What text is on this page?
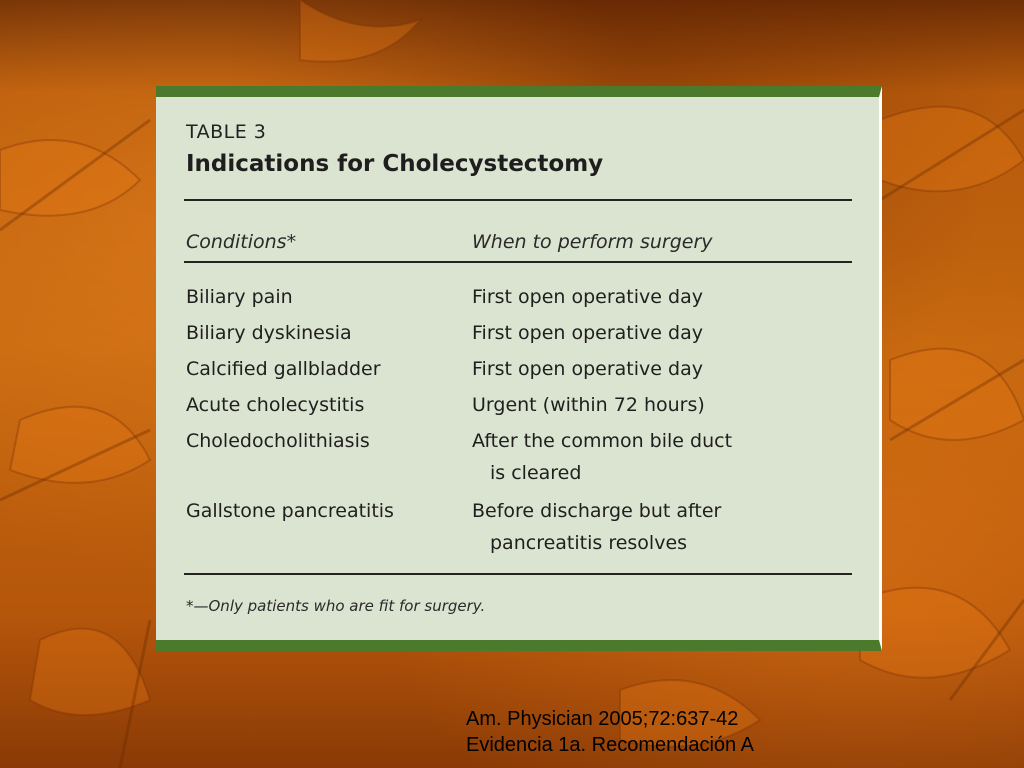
TABLE 3
Indications for Cholecystectomy
Conditions*	When to perform surgery
Biliary pain	First open operative day
Biliary dyskinesia	First open operative day
Calcified gallbladder	First open operative day
Acute cholecystitis	Urgent (within 72 hours)
Choledocholithiasis	After the common bile duct
is cleared
Gallstone pancreatitis	Before discharge but after
pancreatitis resolves
*—Only patients who are fit for surgery.
Am. Physician 2005;72:637-42
Evidencia 1a. Recomendación A
